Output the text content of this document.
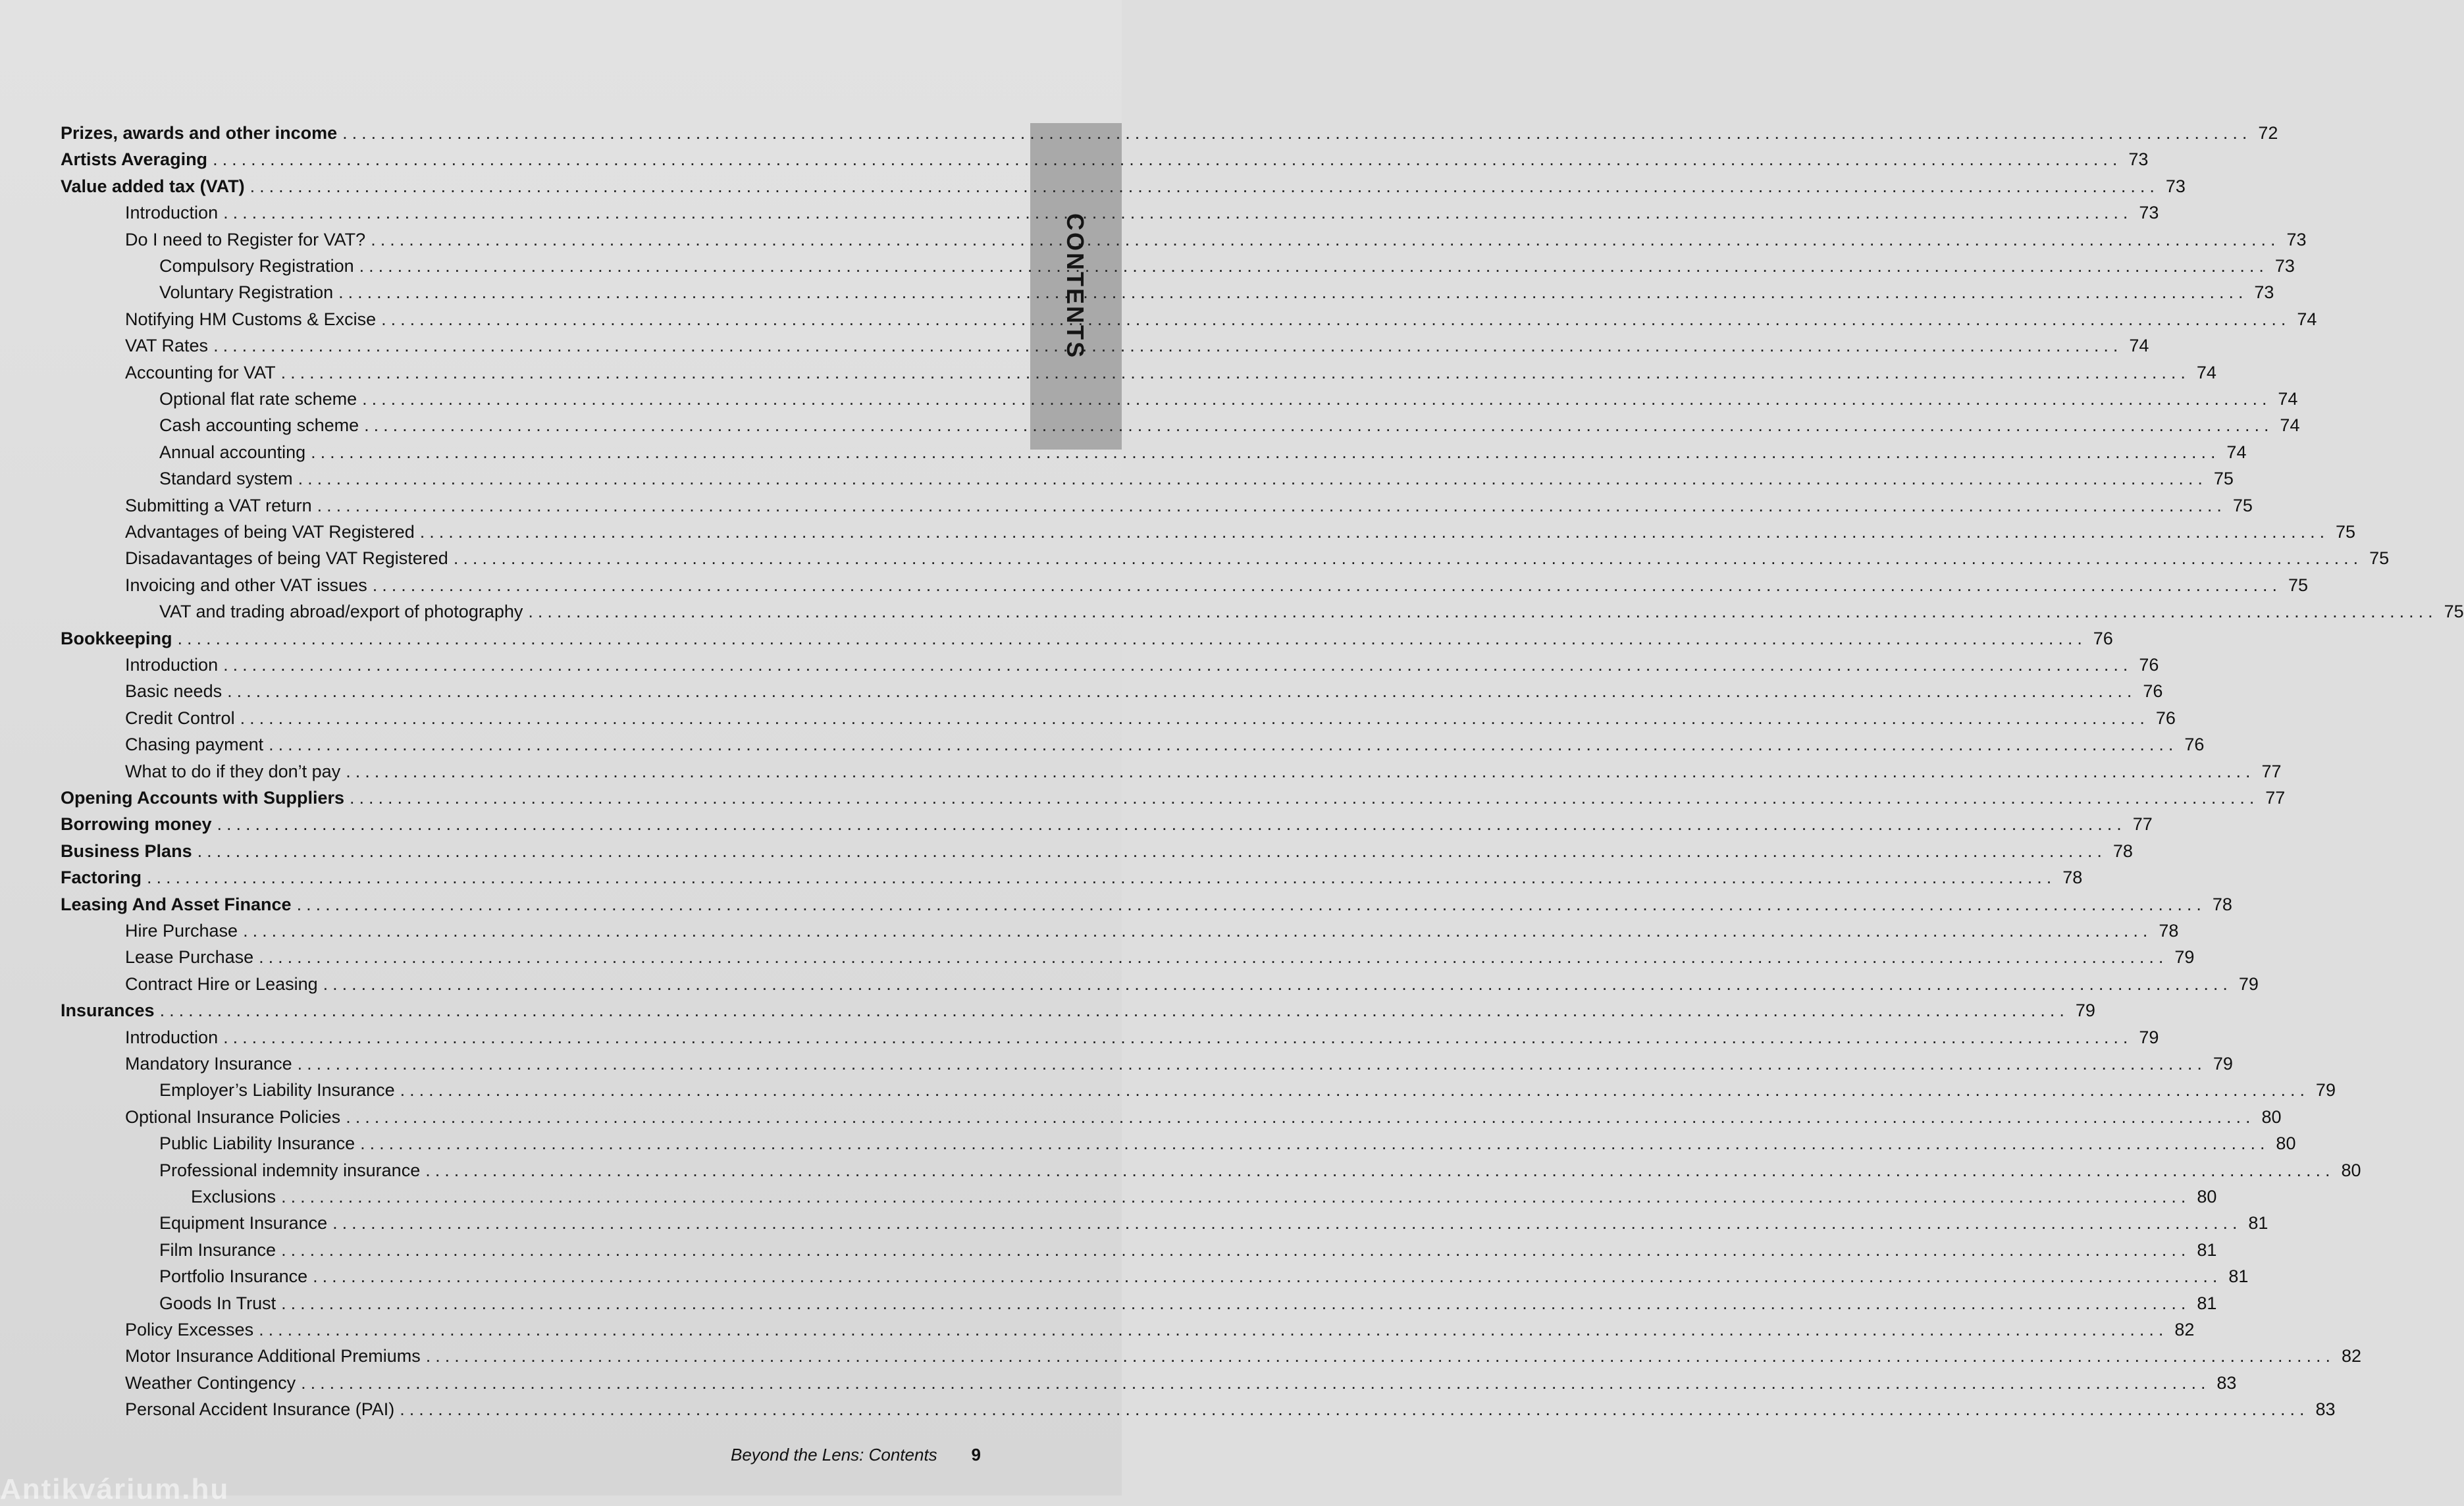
CONTENTS
Prizes, awards and other income ........................................................................................................................................................................................................ 72
Artists Averaging ........................................................................................................................................................................................................ 73
Value added tax (VAT) ........................................................................................................................................................................................................ 73
Introduction ........................................................................................................................................................................................................ 73
Do I need to Register for VAT? ........................................................................................................................................................................................................ 73
Compulsory Registration ........................................................................................................................................................................................................ 73
Voluntary Registration ........................................................................................................................................................................................................ 73
Notifying HM Customs & Excise ........................................................................................................................................................................................................ 74
VAT Rates ........................................................................................................................................................................................................ 74
Accounting for VAT ........................................................................................................................................................................................................ 74
Optional flat rate scheme ........................................................................................................................................................................................................ 74
Cash accounting scheme ........................................................................................................................................................................................................ 74
Annual accounting ........................................................................................................................................................................................................ 74
Standard system ........................................................................................................................................................................................................ 75
Submitting a VAT return ........................................................................................................................................................................................................ 75
Advantages of being VAT Registered ........................................................................................................................................................................................................ 75
Disadavantages of being VAT Registered ........................................................................................................................................................................................................ 75
Invoicing and other VAT issues ........................................................................................................................................................................................................ 75
VAT and trading abroad/export of photography ........................................................................................................................................................................................................ 75
Bookkeeping ........................................................................................................................................................................................................ 76
Introduction ........................................................................................................................................................................................................ 76
Basic needs ........................................................................................................................................................................................................ 76
Credit Control ........................................................................................................................................................................................................ 76
Chasing payment ........................................................................................................................................................................................................ 76
What to do if they don’t pay ........................................................................................................................................................................................................ 77
Opening Accounts with Suppliers ........................................................................................................................................................................................................ 77
Borrowing money ........................................................................................................................................................................................................ 77
Business Plans ........................................................................................................................................................................................................ 78
Factoring ........................................................................................................................................................................................................ 78
Leasing And Asset Finance ........................................................................................................................................................................................................ 78
Hire Purchase ........................................................................................................................................................................................................ 78
Lease Purchase ........................................................................................................................................................................................................ 79
Contract Hire or Leasing ........................................................................................................................................................................................................ 79
Insurances ........................................................................................................................................................................................................ 79
Introduction ........................................................................................................................................................................................................ 79
Mandatory Insurance ........................................................................................................................................................................................................ 79
Employer’s Liability Insurance ........................................................................................................................................................................................................ 79
Optional Insurance Policies ........................................................................................................................................................................................................ 80
Public Liability Insurance ........................................................................................................................................................................................................ 80
Professional indemnity insurance ........................................................................................................................................................................................................ 80
Exclusions ........................................................................................................................................................................................................ 80
Equipment Insurance ........................................................................................................................................................................................................ 81
Film Insurance ........................................................................................................................................................................................................ 81
Portfolio Insurance ........................................................................................................................................................................................................ 81
Goods In Trust ........................................................................................................................................................................................................ 81
Policy Excesses ........................................................................................................................................................................................................ 82
Motor Insurance Additional Premiums ........................................................................................................................................................................................................ 82
Weather Contingency ........................................................................................................................................................................................................ 83
Personal Accident Insurance (PAI) ........................................................................................................................................................................................................ 83
Beyond the Lens: Contents 9
Antikvárium.hu
